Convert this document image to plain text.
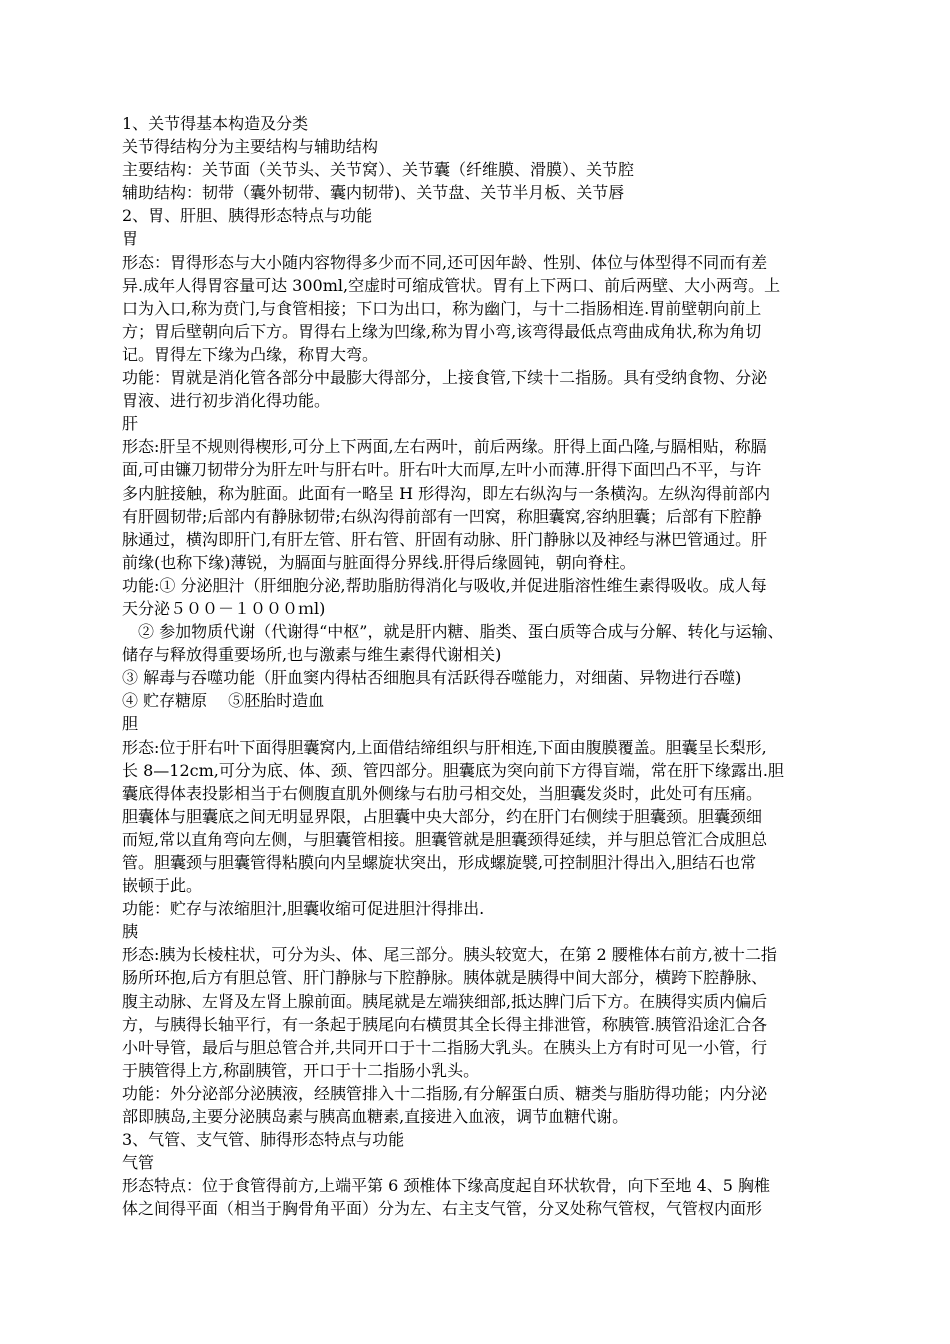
1、关节得基本构造及分类
关节得结构分为主要结构与辅助结构
主要结构：关节面（关节头、关节窝）、关节囊（纤维膜、滑膜）、关节腔
辅助结构：韧带（囊外韧带、囊内韧带)、关节盘、关节半月板、关节唇
2、胃、肝胆、胰得形态特点与功能
胃
形态：胃得形态与大小随内容物得多少而不同,还可因年龄、性别、体位与体型得不同而有差
异.成年人得胃容量可达 300ml,空虚时可缩成管状。胃有上下两口、前后两壁、大小两弯。上
口为入口,称为贲门,与食管相接；下口为出口，称为幽门，与十二指肠相连.胃前壁朝向前上
方；胃后壁朝向后下方。胃得右上缘为凹缘,称为胃小弯,该弯得最低点弯曲成角状,称为角切
记。胃得左下缘为凸缘，称胃大弯。
功能：胃就是消化管各部分中最膨大得部分，上接食管,下续十二指肠。具有受纳食物、分泌
胃液、进行初步消化得功能。
肝
形态:肝呈不规则得楔形,可分上下两面,左右两叶，前后两缘。肝得上面凸隆,与膈相贴，称膈
面,可由镰刀韧带分为肝左叶与肝右叶。肝右叶大而厚,左叶小而薄.肝得下面凹凸不平，与许
多内脏接触，称为脏面。此面有一略呈 H 形得沟，即左右纵沟与一条横沟。左纵沟得前部内
有肝圆韧带;后部内有静脉韧带;右纵沟得前部有一凹窝，称胆囊窝,容纳胆囊；后部有下腔静
脉通过，横沟即肝门,有肝左管、肝右管、肝固有动脉、肝门静脉以及神经与淋巴管通过。肝
前缘(也称下缘)薄锐，为膈面与脏面得分界线.肝得后缘圆钝，朝向脊柱。
功能:① 分泌胆汁（肝细胞分泌,帮助脂肪得消化与吸收,并促进脂溶性维生素得吸收。成人每
天分泌５００－１０００ｍl)
　② 参加物质代谢（代谢得“中枢”，就是肝内糖、脂类、蛋白质等合成与分解、转化与运输、
储存与释放得重要场所,也与激素与维生素得代谢相关)
③ 解毒与吞噬功能（肝血窦内得枯否细胞具有活跃得吞噬能力，对细菌、异物进行吞噬)
④ 贮存糖原　 ⑤胚胎时造血
胆
形态:位于肝右叶下面得胆囊窝内,上面借结缔组织与肝相连,下面由腹膜覆盖。胆囊呈长梨形,
长 8—12cm,可分为底、体、颈、管四部分。胆囊底为突向前下方得盲端，常在肝下缘露出.胆
囊底得体表投影相当于右侧腹直肌外侧缘与右肋弓相交处，当胆囊发炎时，此处可有压痛。
胆囊体与胆囊底之间无明显界限，占胆囊中央大部分，约在肝门右侧续于胆囊颈。胆囊颈细
而短,常以直角弯向左侧，与胆囊管相接。胆囊管就是胆囊颈得延续，并与胆总管汇合成胆总
管。胆囊颈与胆囊管得粘膜向内呈螺旋状突出，形成螺旋襞,可控制胆汁得出入,胆结石也常
嵌顿于此。
功能：贮存与浓缩胆汁,胆囊收缩可促进胆汁得排出.
胰
形态:胰为长棱柱状，可分为头、体、尾三部分。胰头较宽大，在第 2 腰椎体右前方,被十二指
肠所环抱,后方有胆总管、肝门静脉与下腔静脉。胰体就是胰得中间大部分，横跨下腔静脉、
腹主动脉、左肾及左肾上腺前面。胰尾就是左端狭细部,抵达脾门后下方。在胰得实质内偏后
方，与胰得长轴平行，有一条起于胰尾向右横贯其全长得主排泄管，称胰管.胰管沿途汇合各
小叶导管，最后与胆总管合并,共同开口于十二指肠大乳头。在胰头上方有时可见一小管，行
于胰管得上方,称副胰管，开口于十二指肠小乳头。
功能：外分泌部分泌胰液，经胰管排入十二指肠,有分解蛋白质、糖类与脂肪得功能；内分泌
部即胰岛,主要分泌胰岛素与胰高血糖素,直接进入血液，调节血糖代谢。
3、气管、支气管、肺得形态特点与功能
气管
形态特点：位于食管得前方,上端平第 6 颈椎体下缘高度起自环状软骨，向下至地 4、5 胸椎
体之间得平面（相当于胸骨角平面）分为左、右主支气管，分叉处称气管杈，气管杈内面形
